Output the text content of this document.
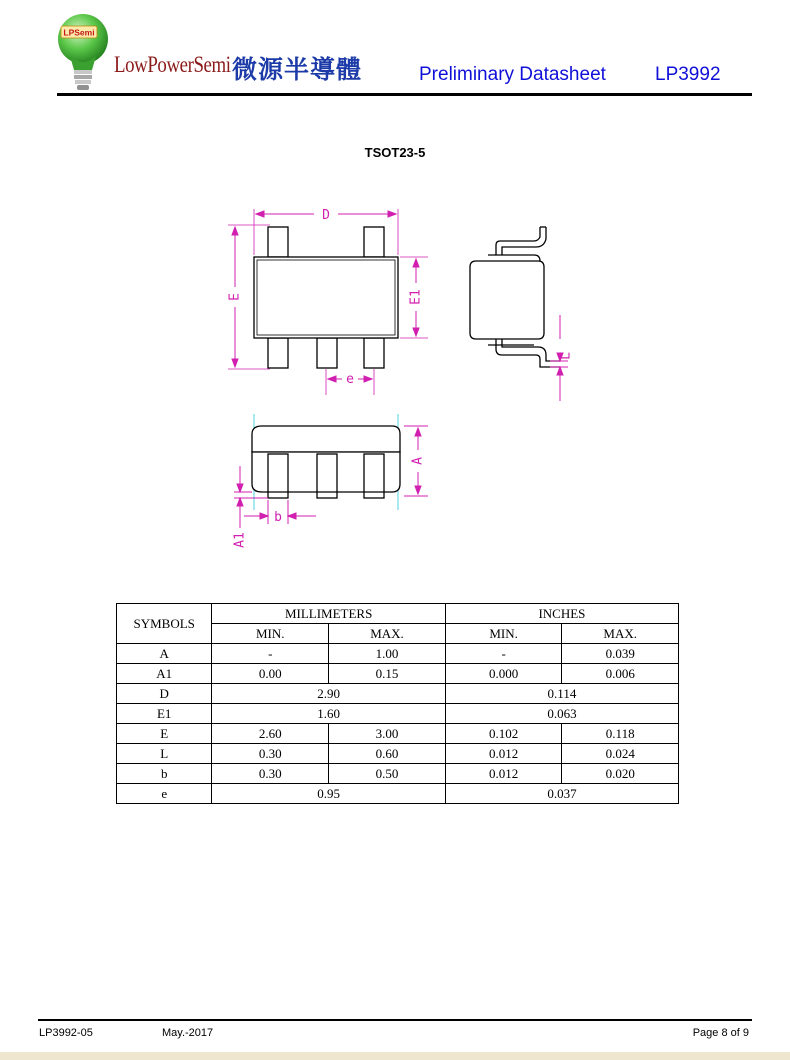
LPSemi
LowPowerSemi 微源半導體	Preliminary Datasheet	LP3992
TSOT23-5
D
E	E1
e
L
A
A1
b
SYMBOLS	MILLIMETERS		INCHES	
	MIN.	MAX.	MIN.	MAX.
A	-	1.00	-	0.039
A1	0.00	0.15	0.000	0.006
D	2.90		0.114	
E1	1.60		0.063	
E	2.60	3.00	0.102	0.118
L	0.30	0.60	0.012	0.024
b	0.30	0.50	0.012	0.020
e	0.95		0.037	
LP3992-05	May.-2017	Page 8 of 9
